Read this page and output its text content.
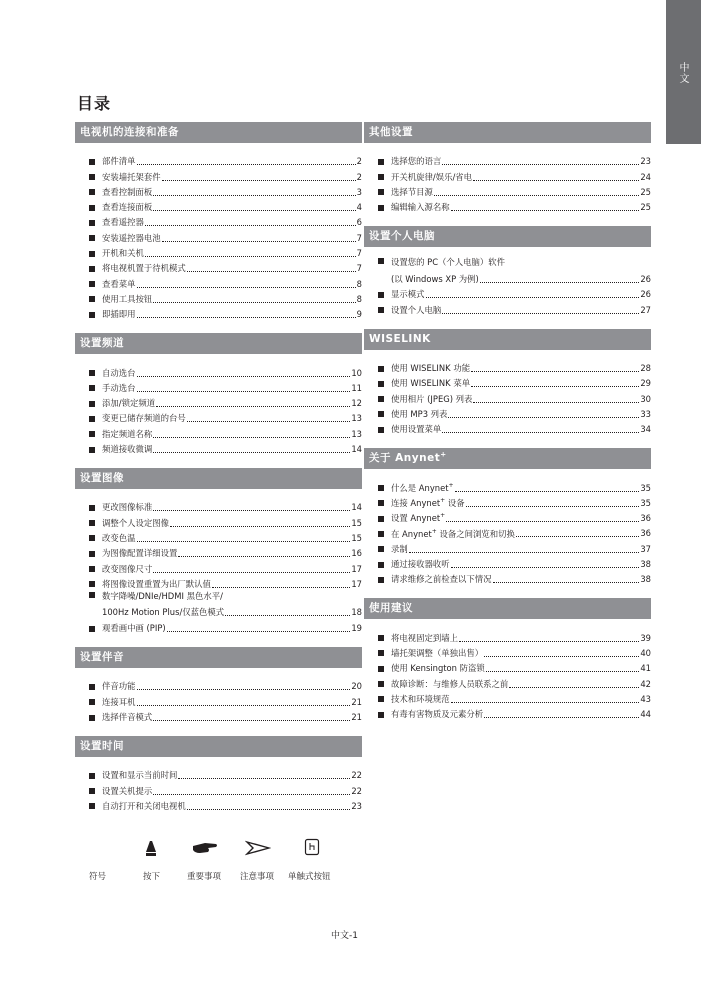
中文
目录
电视机的连接和准备
部件清单	2
安装墙托架套件	2
查看控制面板	3
查看连接面板	4
查看遥控器	6
安装遥控器电池	7
开机和关机	7
将电视机置于待机模式	7
查看菜单	8
使用工具按钮	8
即插即用	9
设置频道
自动选台	10
手动选台	11
添加/锁定频道	12
变更已储存频道的台号	13
指定频道名称	13
频道接收微调	14
设置图像
更改图像标准	14
调整个人设定图像	15
改变色温	15
为图像配置详细设置	16
改变图像尺寸	17
将图像设置重置为出厂默认值	17
数字降噪/DNIe/HDMI 黑色水平/
100Hz Motion Plus/仅蓝色模式	18
观看画中画 (PIP)	19
设置伴音
伴音功能	20
连接耳机	21
选择伴音模式	21
设置时间
设置和显示当前时间	22
设置关机提示	22
自动打开和关闭电视机	23
其他设置
选择您的语言	23
开关机旋律/娱乐/省电	24
选择节目源	25
编辑输入源名称	25
设置个人电脑
设置您的 PC（个人电脑）软件
(以 Windows XP 为例)	26
显示模式	26
设置个人电脑	27
WISELINK
使用 WISELINK 功能	28
使用 WISELINK 菜单	29
使用相片 (JPEG) 列表	30
使用 MP3 列表	33
使用设置菜单	34
关于 Anynet+
什么是 Anynet+	35
连接 Anynet+ 设备	35
设置 Anynet+	36
在 Anynet+ 设备之间浏览和切换	36
录制	37
通过接收器收听	38
请求维修之前检查以下情况	38
使用建议
将电视固定到墙上	39
墙托架调整（单独出售）	40
使用 Kensington 防盗锁	41
故障诊断：与维修人员联系之前	42
技术和环境规范	43
有毒有害物质及元素分析	44
符号	按下	重要事项 注意事项 单触式按钮
中文-1
